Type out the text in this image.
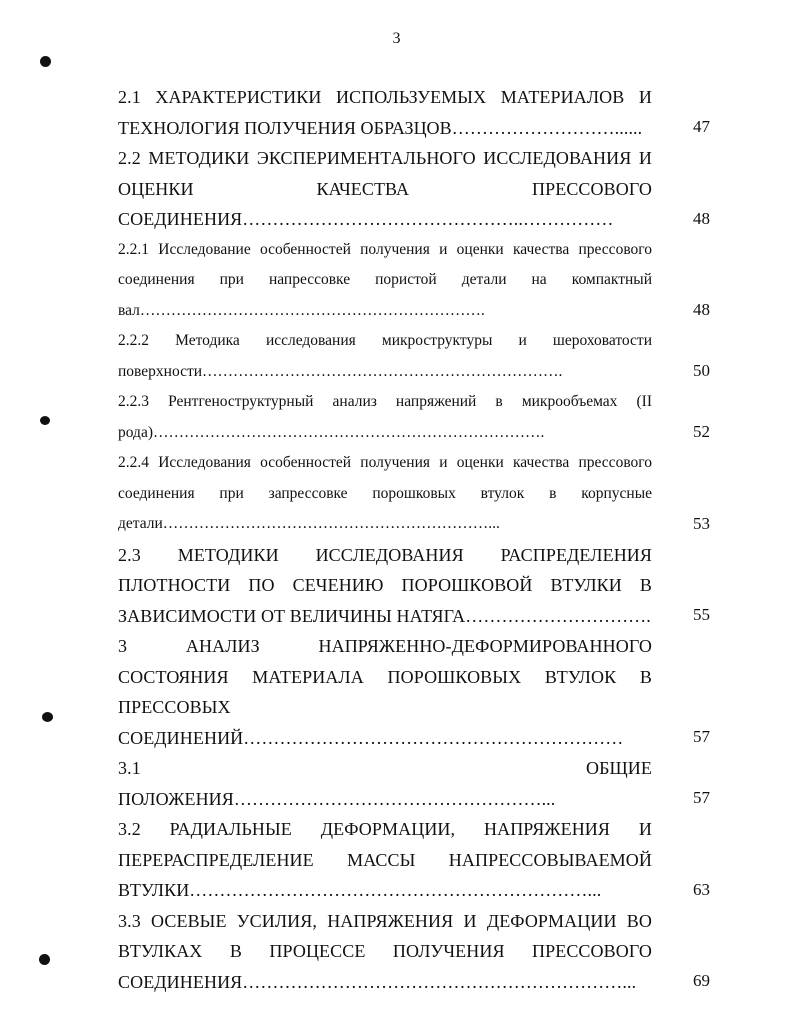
3
2.1 ХАРАКТЕРИСТИКИ ИСПОЛЬЗУЕМЫХ МАТЕРИАЛОВ И ТЕХНОЛОГИЯ ПОЛУЧЕНИЯ ОБРАЗЦОВ………………………......	47
2.2 МЕТОДИКИ ЭКСПЕРИМЕНТАЛЬНОГО ИССЛЕДОВАНИЯ И ОЦЕНКИ КАЧЕСТВА ПРЕССОВОГО СОЕДИНЕНИЯ………………………………………..……………	48
2.2.1 Исследование особенностей получения и оценки качества прессового соединения при напрессовке пористой детали на компактный вал………………………………………………………….	48
2.2.2 Методика исследования микроструктуры и шероховатости поверхности…………………………………………………………….	50
2.2.3 Рентгеноструктурный анализ напряжений в микрообъемах (II рода)………………………………………………………………….	52
2.2.4 Исследования особенностей получения и оценки качества прессового соединения при запрессовке порошковых втулок в корпусные детали………………………………………………………...	53
2.3 МЕТОДИКИ ИССЛЕДОВАНИЯ РАСПРЕДЕЛЕНИЯ ПЛОТНОСТИ ПО СЕЧЕНИЮ ПОРОШКОВОЙ ВТУЛКИ В ЗАВИСИМОСТИ ОТ ВЕЛИЧИНЫ НАТЯГА…………………………. 55
3 АНАЛИЗ НАПРЯЖЕННО-ДЕФОРМИРОВАННОГО СОСТОЯНИЯ МАТЕРИАЛА ПОРОШКОВЫХ ВТУЛОК В ПРЕССОВЫХ СОЕДИНЕНИЙ………………………………………………………	57
3.1 ОБЩИЕ ПОЛОЖЕНИЯ……………………………………………...	57
3.2 РАДИАЛЬНЫЕ ДЕФОРМАЦИИ, НАПРЯЖЕНИЯ И ПЕРЕРАСПРЕДЕЛЕНИЕ МАССЫ НАПРЕССОВЫВАЕМОЙ ВТУЛКИ…………………………………………………………...	63
3.3 ОСЕВЫЕ УСИЛИЯ, НАПРЯЖЕНИЯ И ДЕФОРМАЦИИ ВО ВТУЛКАХ В ПРОЦЕССЕ ПОЛУЧЕНИЯ ПРЕССОВОГО СОЕДИНЕНИЯ………………………………………………………...	69
